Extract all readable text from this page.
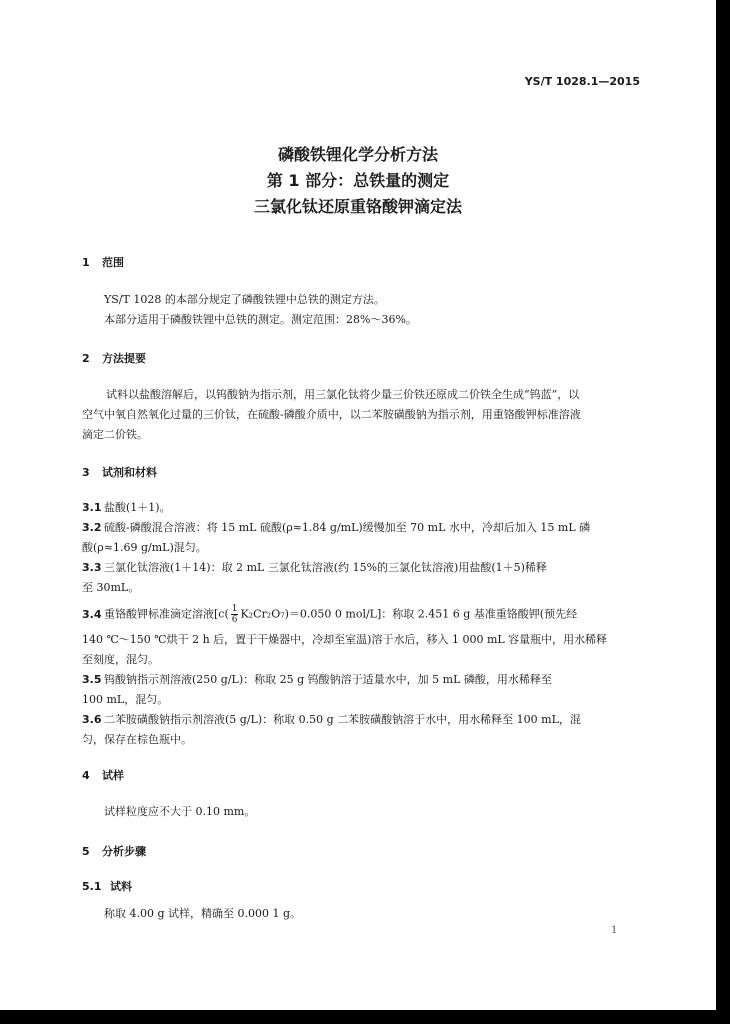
YS/T 1028.1—2015
磷酸铁锂化学分析方法
第 1 部分：总铁量的测定
三氯化钛还原重铬酸钾滴定法
1 范围
YS/T 1028 的本部分规定了磷酸铁锂中总铁的测定方法。
本部分适用于磷酸铁锂中总铁的测定。测定范围：28%～36%。
2 方法提要
试料以盐酸溶解后，以钨酸钠为指示剂，用三氯化钛将少量三价铁还原成二价铁全生成“钨蓝”，以
空气中氧自然氧化过量的三价钛，在硫酸-磷酸介质中，以二苯胺磺酸钠为指示剂，用重铬酸钾标准溶液
滴定二价铁。
3 试剂和材料
3.1 盐酸(1＋1)。
3.2 硫酸-磷酸混合溶液：将 15 mL 硫酸(ρ≈1.84 g/mL)缓慢加至 70 mL 水中，冷却后加入 15 mL 磷
酸(ρ≈1.69 g/mL)混匀。
3.3 三氯化钛溶液(1＋14)：取 2 mL 三氯化钛溶液(约 15%的三氯化钛溶液)用盐酸(1＋5)稀释
至 30mL。
3.4 重铬酸钾标准滴定溶液[$c( \frac{1}{6} K_2Cr_2O_7)=0.050$ 0 mol/L]：称取 2.451 6 g 基准重铬酸钾(预先经
140 ℃～150 ℃烘干 2 h 后，置于干燥器中，冷却至室温)溶于水后，移入 1 000 mL 容量瓶中，用水稀释
至刻度，混匀。
3.5 钨酸钠指示剂溶液(250 g/L)：称取 25 g 钨酸钠溶于适量水中，加 5 mL 磷酸，用水稀释至
100 mL，混匀。
3.6 二苯胺磺酸钠指示剂溶液(5 g/L)：称取 0.50 g 二苯胺磺酸钠溶于水中，用水稀释至 100 mL，混
匀，保存在棕色瓶中。
4 试样
试样粒度应不大于 0.10 mm。
5 分析步骤
5.1 试料
称取 4.00 g 试样，精确至 0.000 1 g。
1
